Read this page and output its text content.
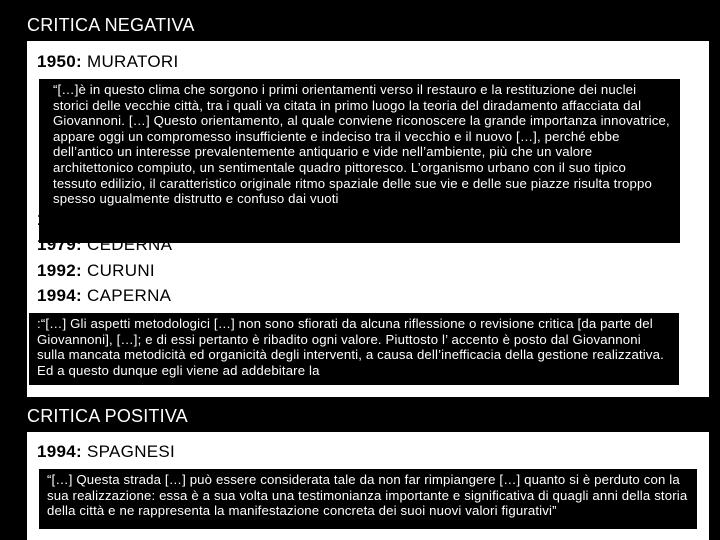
CRITICA NEGATIVA
1950: MURATORI
“[…]è in questo clima che sorgono i primi orientamenti verso il restauro e la restituzione dei nuclei storici delle vecchie città, tra i quali va citata in primo luogo la teoria del diradamento affacciata dal Giovannoni. […] Questo orientamento, al quale conviene riconoscere la grande importanza innovatrice, appare oggi un compromesso insufficiente e indeciso tra il vecchio e il nuovo […], perché ebbe dell’antico un interesse prevalentemente antiquario e vide nell’ambiente, più che un valore architettonico compiuto, un sentimentale quadro pittoresco. L’organismo urbano con il suo tipico tessuto edilizio, il caratteristico originale ritmo spaziale delle sue vie e delle sue piazze risulta troppo spesso ugualmente distrutto e confuso dai vuoti
1979: APOLLONI GHETTI
1979: CEDERNA
1992: CURUNI
1994: CAPERNA
:“[…] Gli aspetti metodologici […] non sono sfiorati da alcuna riflessione o revisione critica [da parte del Giovannoni], […]; e di essi pertanto è ribadito ogni valore. Piuttosto l’ accento è posto dal Giovannoni sulla mancata metodicità ed organicità degli interventi, a causa dell’inefficacia della gestione realizzativa. Ed a questo dunque egli viene ad addebitare la
CRITICA POSITIVA
1994: SPAGNESI
“[…] Questa strada […] può essere considerata tale da non far rimpiangere […] quanto si è perduto con la sua realizzazione: essa è a sua volta una testimonianza importante e significativa di quagli anni della storia della città e ne rappresenta la manifestazione concreta dei suoi nuovi valori figurativi”
